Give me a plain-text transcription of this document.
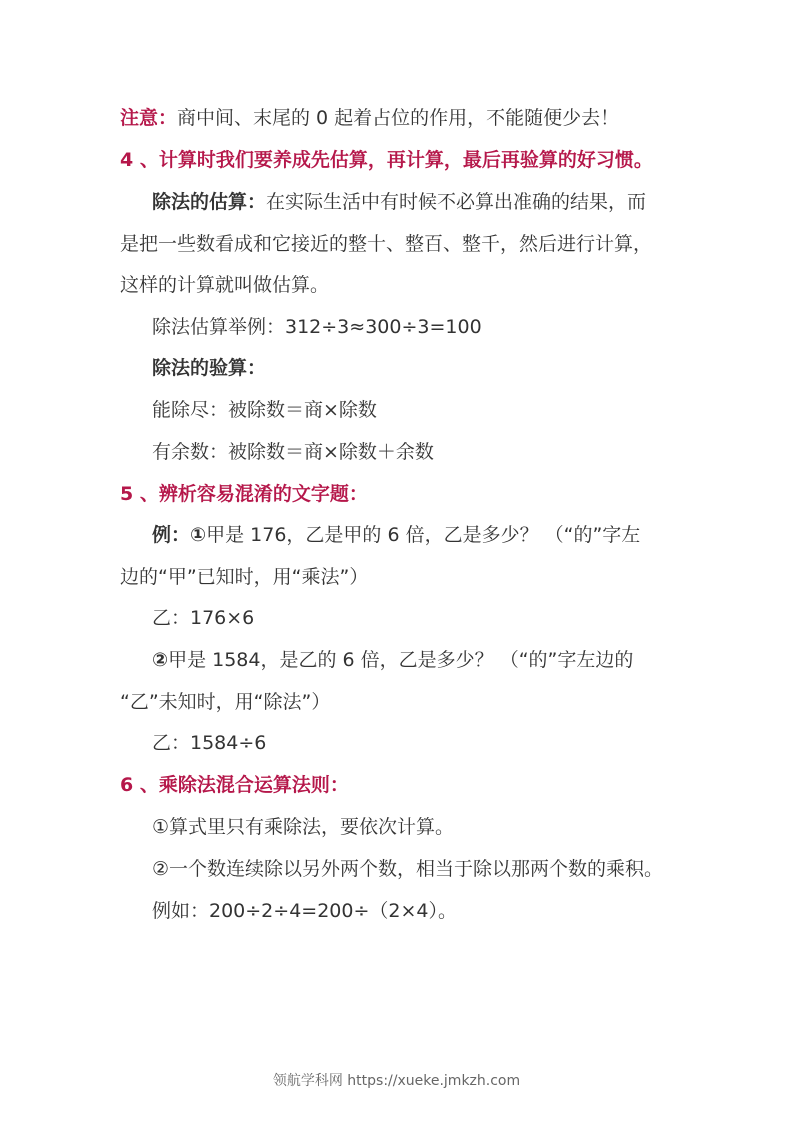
注意：商中间、末尾的 0 起着占位的作用，不能随便少去！
4 、计算时我们要养成先估算，再计算，最后再验算的好习惯。
除法的估算：在实际生活中有时候不必算出准确的结果，而
是把一些数看成和它接近的整十、整百、整千，然后进行计算，
这样的计算就叫做估算。
除法估算举例：312÷3≈300÷3=100
除法的验算：
能除尽：被除数＝商×除数
有余数：被除数＝商×除数＋余数
5 、辨析容易混淆的文字题：
例：①甲是 176，乙是甲的 6 倍，乙是多少？ （“的”字左
边的“甲”已知时，用“乘法”）
乙：176×6
②甲是 1584，是乙的 6 倍，乙是多少？ （“的”字左边的
“乙”未知时，用“除法”）
乙：1584÷6
6 、乘除法混合运算法则：
①算式里只有乘除法，要依次计算。
②一个数连续除以另外两个数，相当于除以那两个数的乘积。
例如：200÷2÷4=200÷（2×4）。
领航学科网 https://xueke.jmkzh.com
